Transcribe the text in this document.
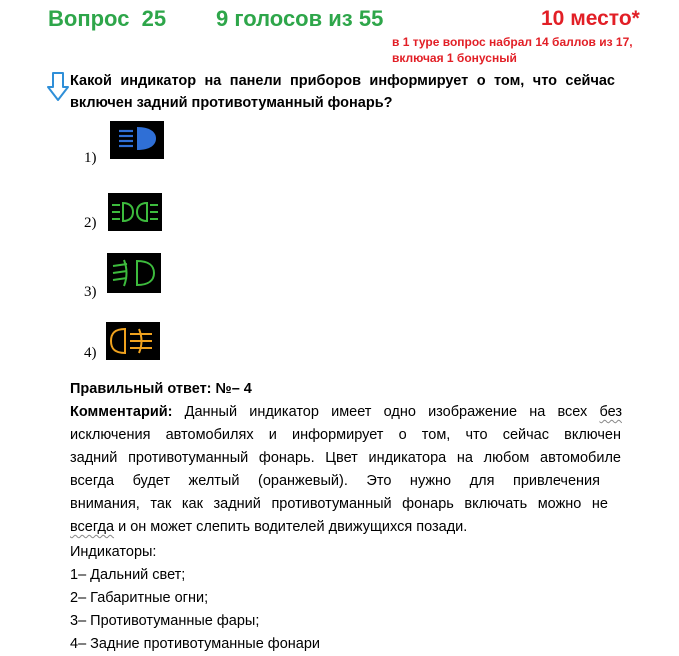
Вопрос 25 9 голосов из 55	10 место*
в 1 туре вопрос набрал 14 баллов из 17,
включая 1 бонусный
Какой индикатор на панели приборов информирует о том, что сейчас включен задний противотуманный фонарь?
1)
2)
3)
4)
Правильный ответ: №– 4
Комментарий: Данный индикатор имеет одно изображение на всех без
исключения автомобилях и информирует о том, что сейчас включен
задний противотуманный фонарь. Цвет индикатора на любом автомобиле
всегда будет желтый (оранжевый). Это нужно для привлечения
внимания, так как задний противотуманный фонарь включать можно не
всегда и он может слепить водителей движущихся позади.
Индикаторы:
1– Дальний свет;
2– Габаритные огни;
3– Противотуманные фары;
4– Задние противотуманные фонари
